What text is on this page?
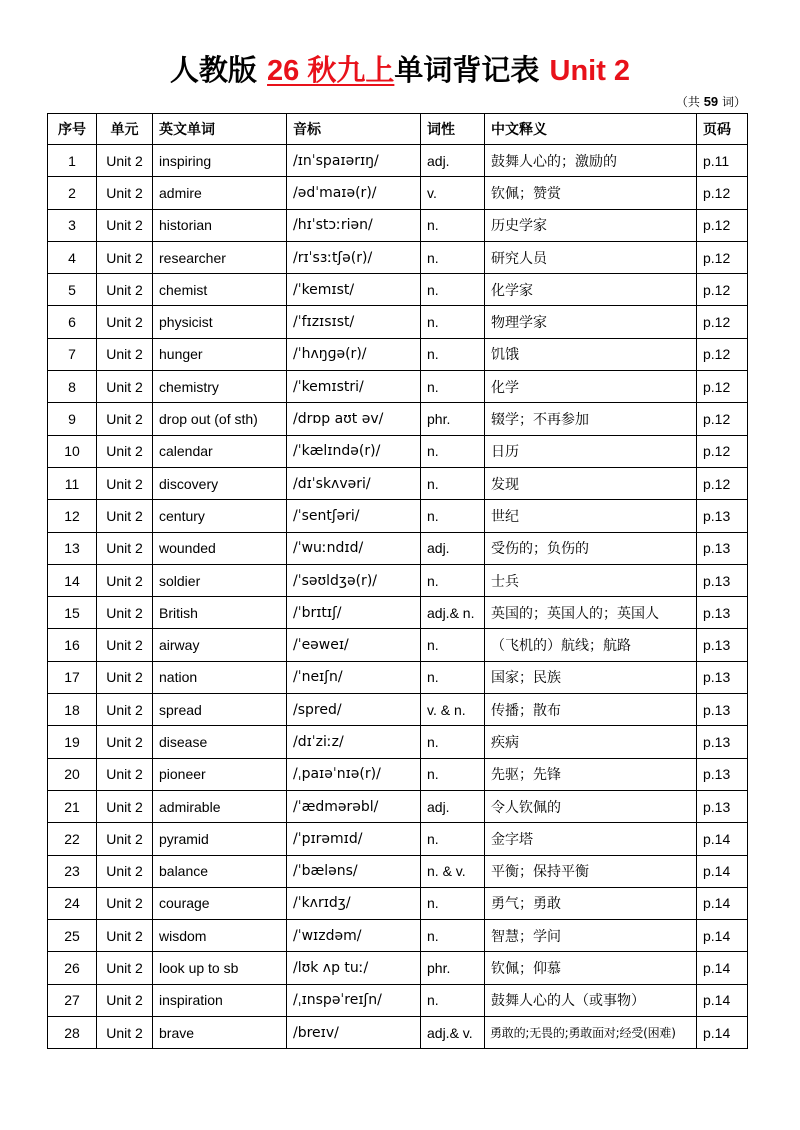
人教版 26 秋九上单词背记表 Unit 2
（共 59 词）
序号	单元	英文单词	音标	词性	中文释义	页码
1	Unit 2	inspiring	/ɪnˈspaɪərɪŋ/	adj.	鼓舞人心的；激励的	p.11
2	Unit 2	admire	/ədˈmaɪə(r)/	v.	钦佩；赞赏	p.12
3	Unit 2	historian	/hɪˈstɔːriən/	n.	历史学家	p.12
4	Unit 2	researcher	/rɪˈsɜːtʃə(r)/	n.	研究人员	p.12
5	Unit 2	chemist	/ˈkemɪst/	n.	化学家	p.12
6	Unit 2	physicist	/ˈfɪzɪsɪst/	n.	物理学家	p.12
7	Unit 2	hunger	/ˈhʌŋɡə(r)/	n.	饥饿	p.12
8	Unit 2	chemistry	/ˈkemɪstri/	n.	化学	p.12
9	Unit 2	drop out (of sth)	/drɒp aʊt əv/	phr.	辍学；不再参加	p.12
10	Unit 2	calendar	/ˈkælɪndə(r)/	n.	日历	p.12
11	Unit 2	discovery	/dɪˈskʌvəri/	n.	发现	p.12
12	Unit 2	century	/ˈsentʃəri/	n.	世纪	p.13
13	Unit 2	wounded	/ˈwuːndɪd/	adj.	受伤的；负伤的	p.13
14	Unit 2	soldier	/ˈsəʊldʒə(r)/	n.	士兵	p.13
15	Unit 2	British	/ˈbrɪtɪʃ/	adj.& n.	英国的；英国人的；英国人	p.13
16	Unit 2	airway	/ˈeəweɪ/	n.	（飞机的）航线；航路	p.13
17	Unit 2	nation	/ˈneɪʃn/	n.	国家；民族	p.13
18	Unit 2	spread	/spred/	v. & n.	传播；散布	p.13
19	Unit 2	disease	/dɪˈziːz/	n.	疾病	p.13
20	Unit 2	pioneer	/ˌpaɪəˈnɪə(r)/	n.	先驱；先锋	p.13
21	Unit 2	admirable	/ˈædmərəbl/	adj.	令人钦佩的	p.13
22	Unit 2	pyramid	/ˈpɪrəmɪd/	n.	金字塔	p.14
23	Unit 2	balance	/ˈbæləns/	n. & v.	平衡；保持平衡	p.14
24	Unit 2	courage	/ˈkʌrɪdʒ/	n.	勇气；勇敢	p.14
25	Unit 2	wisdom	/ˈwɪzdəm/	n.	智慧；学问	p.14
26	Unit 2	look up to sb	/lʊk ʌp tuː/	phr.	钦佩；仰慕	p.14
27	Unit 2	inspiration	/ˌɪnspəˈreɪʃn/	n.	鼓舞人心的人（或事物）	p.14
28	Unit 2	brave	/breɪv/	adj.& v.	勇敢的;无畏的;勇敢面对;经受(困难)	p.14
